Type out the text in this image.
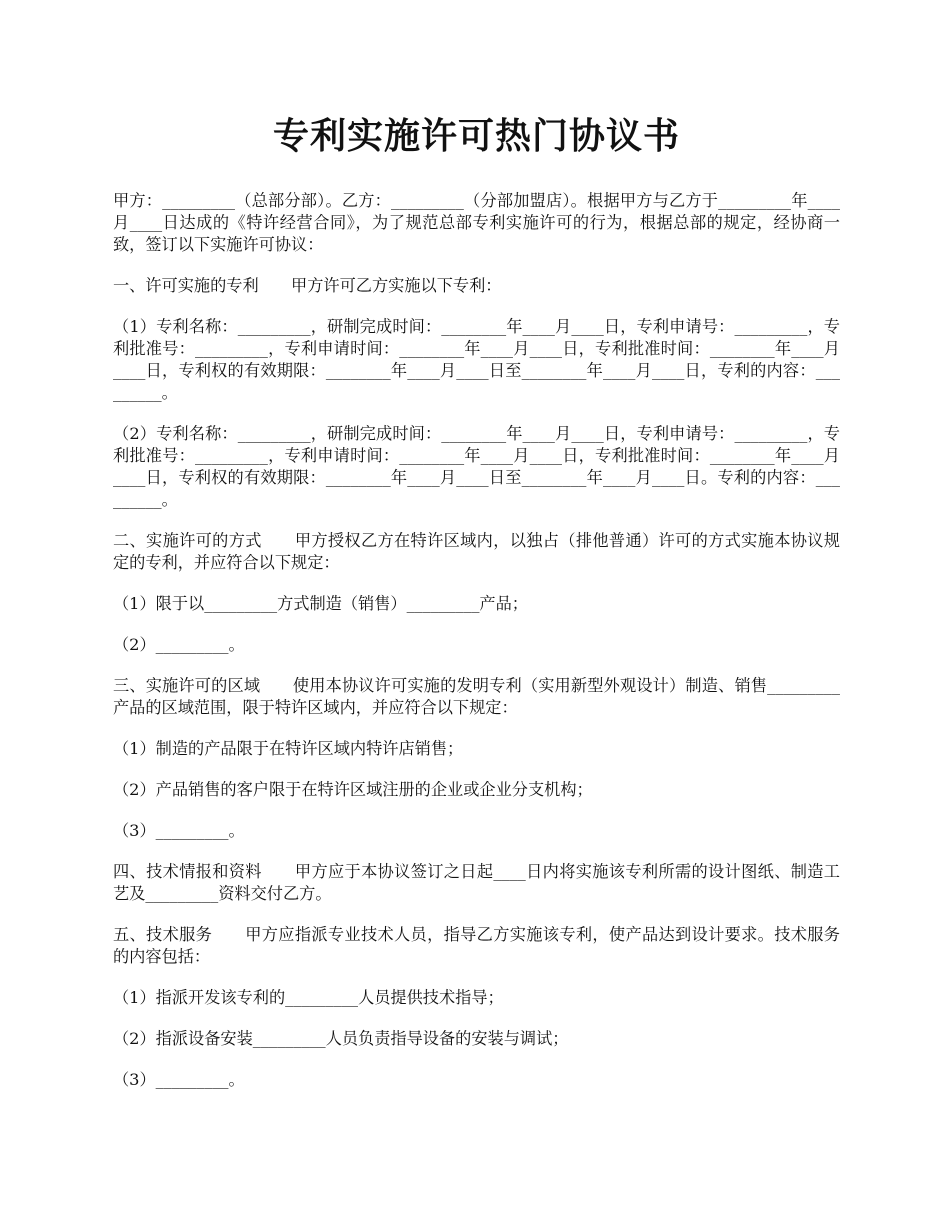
专利实施许可热门协议书

甲方：_________（总部分部）。乙方：_________（分部加盟店）。根据甲方与乙方于_________年____月____日达成的《特许经营合同》，为了规范总部专利实施许可的行为，根据总部的规定，经协商一致，签订以下实施许可协议：

一、许可实施的专利　　甲方许可乙方实施以下专利：

（1）专利名称：_________，研制完成时间：________年____月____日，专利申请号：_________，专利批准号：_________，专利申请时间：________年____月____日，专利批准时间：________年____月____日，专利权的有效期限：________年____月____日至________年____月____日，专利的内容：_________。

（2）专利名称：_________，研制完成时间：________年____月____日，专利申请号：_________，专利批准号：_________，专利申请时间：________年____月____日，专利批准时间：________年____月____日，专利权的有效期限：________年____月____日至________年____月____日。专利的内容：_________。

二、实施许可的方式　　甲方授权乙方在特许区域内，以独占（排他普通）许可的方式实施本协议规定的专利，并应符合以下规定：

（1）限于以_________方式制造（销售）_________产品；

（2）_________。

三、实施许可的区域　　使用本协议许可实施的发明专利（实用新型外观设计）制造、销售_________产品的区域范围，限于特许区域内，并应符合以下规定：

（1）制造的产品限于在特许区域内特许店销售；

（2）产品销售的客户限于在特许区域注册的企业或企业分支机构；

（3）_________。

四、技术情报和资料　　甲方应于本协议签订之日起____日内将实施该专利所需的设计图纸、制造工艺及_________资料交付乙方。

五、技术服务　　甲方应指派专业技术人员，指导乙方实施该专利，使产品达到设计要求。技术服务的内容包括：

（1）指派开发该专利的_________人员提供技术指导；

（2）指派设备安装_________人员负责指导设备的安装与调试；

（3）_________。
